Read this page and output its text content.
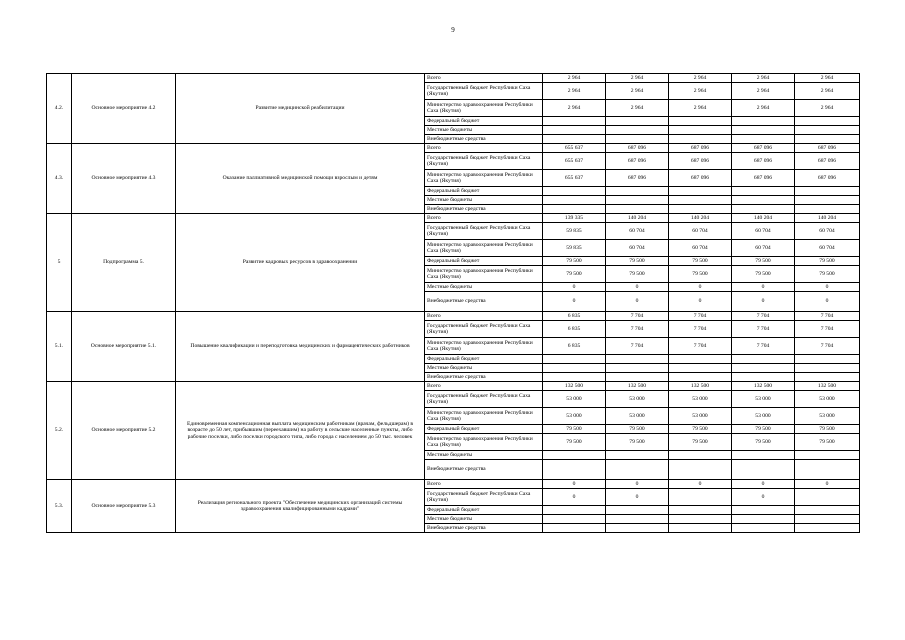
9
4.2.	Основное мероприятие 4.2	Развитие медицинской реабилитации	Всего	2 964	2 964	2 964	2 964	2 964
			Государственный бюджет Республики Саха (Якутия)	2 964	2 964	2 964	2 964	2 964
			Министерство здравоохранения Республики Саха (Якутия)	2 964	2 964	2 964	2 964	2 964
			Федеральный бюджет					
			Местные бюджеты					
			Внебюджетные средства					
4.3.	Основное мероприятие 4.3	Оказание паллиативной медицинской помощи взрослым и детям	Всего	655 637	687 096	687 096	687 096	687 096
			Государственный бюджет Республики Саха (Якутия)	655 637	687 096	687 096	687 096	687 096
			Министерство здравоохранения Республики Саха (Якутия)	655 637	687 096	687 096	687 096	687 096
			Федеральный бюджет					
			Местные бюджеты					
			Внебюджетные средства					
5	Подпрограмма 5.	Развитие кадровых ресурсов в здравоохранении	Всего	139 335	140 204	140 204	140 204	140 204
			Государственный бюджет Республики Саха (Якутия)	59 835	60 704	60 704	60 704	60 704
			Министерство здравоохранения Республики Саха (Якутия)	59 835	60 704	60 704	60 704	60 704
			Федеральный бюджет	79 500	79 500	79 500	79 500	79 500
			Министерство здравоохранения Республики Саха (Якутия)	79 500	79 500	79 500	79 500	79 500
			Местные бюджеты	0	0	0	0	0
			Внебюджетные средства	0	0	0	0	0
5.1.	Основное мероприятие 5.1.	Повышение квалификации и переподготовка медицинских и фармацевтических работников	Всего	6 835	7 704	7 704	7 704	7 704
			Государственный бюджет Республики Саха (Якутия)	6 835	7 704	7 704	7 704	7 704
			Министерство здравоохранения Республики Саха (Якутия)	6 835	7 704	7 704	7 704	7 704
			Федеральный бюджет					
			Местные бюджеты					
			Внебюджетные средства					
5.2.	Основное мероприятие 5.2	Единовременная компенсационная выплата медицинским работникам (врачам, фельдшерам) в возрасте до 50 лет, прибывшим (переехавшим) на работу в сельские населенные пункты, либо рабочие поселки, либо поселки городского типа, либо города с населением до 50 тыс. человек	Всего	132 500	132 500	132 500	132 500	132 500
			Государственный бюджет Республики Саха (Якутия)	53 000	53 000	53 000	53 000	53 000
			Министерство здравоохранения Республики Саха (Якутия)	53 000	53 000	53 000	53 000	53 000
			Федеральный бюджет	79 500	79 500	79 500	79 500	79 500
			Министерство здравоохранения Республики Саха (Якутия)	79 500	79 500	79 500	79 500	79 500
			Местные бюджеты					
			Внебюджетные средства					
5.3.	Основное мероприятие 5.3	Реализация регионального проекта "Обеспечение медицинских организаций системы здравоохранения квалифицированными кадрами"	Всего	0	0	0	0	0
			Государственный бюджет Республики Саха (Якутия)	0	0		0	
			Федеральный бюджет					
			Местные бюджеты					
			Внебюджетные средства					
